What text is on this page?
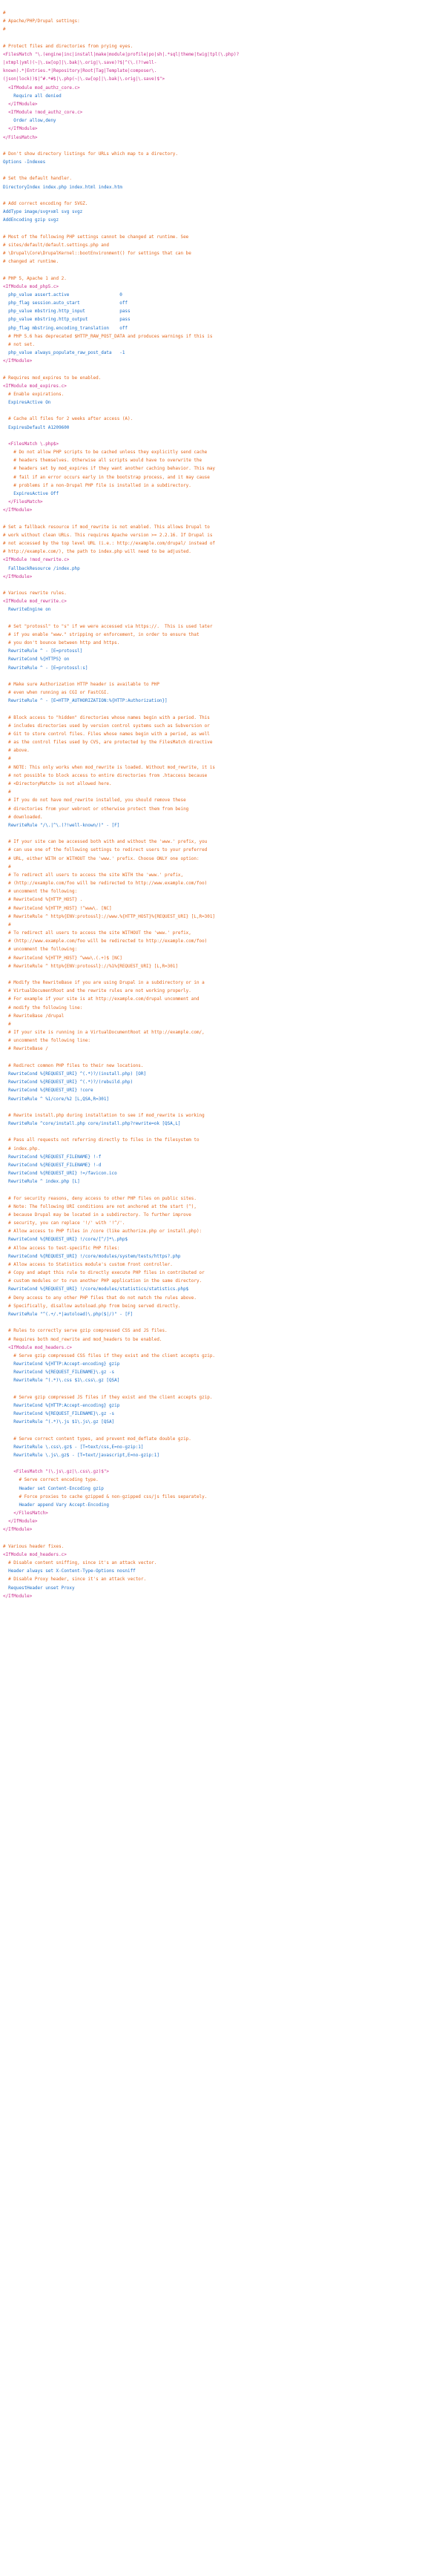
#
# Apache/PHP/Drupal settings:
#
# Protect files and directories from prying eyes.
<FilesMatch "\.(engine|inc|install|make|module|profile|po|sh|.*sql|theme|twig|tpl(\.php)?
|xtmpl|yml)(~|\.sw[op]|\.bak|\.orig|\.save)?$|^(\.(?!well-
known).*|Entries.*|Repository|Root|Tag|Template|composer\.
(json|lock))$|^#.*#$|\.php(~|\.sw[op]|\.bak|\.orig|\.save)$">
<IfModule mod_authz_core.c>
Require all denied
</IfModule>
<IfModule !mod_authz_core.c>
Order allow,deny
</IfModule>
</FilesMatch>
# Don't show directory listings for URLs which map to a directory.
Options -Indexes
# Set the default handler.
DirectoryIndex index.php index.html index.htm
# Add correct encoding for SVGZ.
AddType image/svg+xml svg svgz
AddEncoding gzip svgz
# Most of the following PHP settings cannot be changed at runtime. See
# sites/default/default.settings.php and
# \Drupal\Core\DrupalKernel::bootEnvironment() for settings that can be
# changed at runtime.
# PHP 5, Apache 1 and 2.
<IfModule mod_php5.c>
php_value assert.active                   0
php_flag session.auto_start               off
php_value mbstring.http_input             pass
php_value mbstring.http_output            pass
php_flag mbstring.encoding_translation    off
# PHP 5.6 has deprecated $HTTP_RAW_POST_DATA and produces warnings if this is
# not set.
php_value always_populate_raw_post_data   -1
</IfModule>
# Requires mod_expires to be enabled.
<IfModule mod_expires.c>
# Enable expirations.
ExpiresActive On
# Cache all files for 2 weeks after access (A).
ExpiresDefault A1209600
<FilesMatch \.php$>
# Do not allow PHP scripts to be cached unless they explicitly send cache
# headers themselves. Otherwise all scripts would have to overwrite the
# headers set by mod_expires if they want another caching behavior. This may
# fail if an error occurs early in the bootstrap process, and it may cause
# problems if a non-Drupal PHP file is installed in a subdirectory.
ExpiresActive Off
</FilesMatch>
</IfModule>
# Set a fallback resource if mod_rewrite is not enabled. This allows Drupal to
# work without clean URLs. This requires Apache version >= 2.2.16. If Drupal is
# not accessed by the top level URL (i.e.: http://example.com/drupal/ instead of
# http://example.com/), the path to index.php will need to be adjusted.
<IfModule !mod_rewrite.c>
FallbackResource /index.php
</IfModule>
# Various rewrite rules.
<IfModule mod_rewrite.c>
RewriteEngine on
# Set "protossl" to "s" if we were accessed via https://.  This is used later
# if you enable "www." stripping or enforcement, in order to ensure that
# you don't bounce between http and https.
RewriteRule ^ - [E=protossl]
RewriteCond %{HTTPS} on
RewriteRule ^ - [E=protossl:s]
# Make sure Authorization HTTP header is available to PHP
# even when running as CGI or FastCGI.
RewriteRule ^ - [E=HTTP_AUTHORIZATION:%{HTTP:Authorization}]
# Block access to "hidden" directories whose names begin with a period. This
# includes directories used by version control systems such as Subversion or
# Git to store control files. Files whose names begin with a period, as well
# as the control files used by CVS, are protected by the FilesMatch directive
# above.
#
# NOTE: This only works when mod_rewrite is loaded. Without mod_rewrite, it is
# not possible to block access to entire directories from .htaccess because
# <DirectoryMatch> is not allowed here.
#
# If you do not have mod_rewrite installed, you should remove these
# directories from your webroot or otherwise protect them from being
# downloaded.
RewriteRule "/\.|^\.(?!well-known/)" - [F]
# If your site can be accessed both with and without the 'www.' prefix, you
# can use one of the following settings to redirect users to your preferred
# URL, either WITH or WITHOUT the 'www.' prefix. Choose ONLY one option:
#
# To redirect all users to access the site WITH the 'www.' prefix,
# (http://example.com/foo will be redirected to http://www.example.com/foo)
# uncomment the following:
# RewriteCond %{HTTP_HOST} .
# RewriteCond %{HTTP_HOST} !^www\. [NC]
# RewriteRule ^ http%{ENV:protossl}://www.%{HTTP_HOST}%{REQUEST_URI} [L,R=301]
#
# To redirect all users to access the site WITHOUT the 'www.' prefix,
# (http://www.example.com/foo will be redirected to http://example.com/foo)
# uncomment the following:
# RewriteCond %{HTTP_HOST} ^www\.(.+)$ [NC]
# RewriteRule ^ http%{ENV:protossl}://%1%{REQUEST_URI} [L,R=301]
# Modify the RewriteBase if you are using Drupal in a subdirectory or in a
# VirtualDocumentRoot and the rewrite rules are not working properly.
# For example if your site is at http://example.com/drupal uncomment and
# modify the following line:
# RewriteBase /drupal
#
# If your site is running in a VirtualDocumentRoot at http://example.com/,
# uncomment the following line:
# RewriteBase /
# Redirect common PHP files to their new locations.
RewriteCond %{REQUEST_URI} ^(.*)?/(install.php) [OR]
RewriteCond %{REQUEST_URI} ^(.*)?/(rebuild.php)
RewriteCond %{REQUEST_URI} !core
RewriteRule ^ %1/core/%2 [L,QSA,R=301]
# Rewrite install.php during installation to see if mod_rewrite is working
RewriteRule ^core/install.php core/install.php?rewrite=ok [QSA,L]
# Pass all requests not referring directly to files in the filesystem to
# index.php.
RewriteCond %{REQUEST_FILENAME} !-f
RewriteCond %{REQUEST_FILENAME} !-d
RewriteCond %{REQUEST_URI} !=/favicon.ico
RewriteRule ^ index.php [L]
# For security reasons, deny access to other PHP files on public sites.
# Note: The following URI conditions are not anchored at the start (^),
# because Drupal may be located in a subdirectory. To further improve
# security, you can replace '!/' with '!^/'.
# Allow access to PHP files in /core (like authorize.php or install.php):
RewriteCond %{REQUEST_URI} !/core/[^/]*\.php$
# Allow access to test-specific PHP files:
RewriteCond %{REQUEST_URI} !/core/modules/system/tests/https?.php
# Allow access to Statistics module's custom front controller.
# Copy and adapt this rule to directly execute PHP files in contributed or
# custom modules or to run another PHP application in the same directory.
RewriteCond %{REQUEST_URI} !/core/modules/statistics/statistics.php$
# Deny access to any other PHP files that do not match the rules above.
# Specifically, disallow autoload.php from being served directly.
RewriteRule "^(.+/.*|autoload)\.php($|/)" - [F]
# Rules to correctly serve gzip compressed CSS and JS files.
# Requires both mod_rewrite and mod_headers to be enabled.
<IfModule mod_headers.c>
# Serve gzip compressed CSS files if they exist and the client accepts gzip.
RewriteCond %{HTTP:Accept-encoding} gzip
RewriteCond %{REQUEST_FILENAME}\.gz -s
RewriteRule ^(.*)\.css $1\.css\.gz [QSA]
# Serve gzip compressed JS files if they exist and the client accepts gzip.
RewriteCond %{HTTP:Accept-encoding} gzip
RewriteCond %{REQUEST_FILENAME}\.gz -s
RewriteRule ^(.*)\.js $1\.js\.gz [QSA]
# Serve correct content types, and prevent mod_deflate double gzip.
RewriteRule \.css\.gz$ - [T=text/css,E=no-gzip:1]
RewriteRule \.js\.gz$ - [T=text/javascript,E=no-gzip:1]
<FilesMatch "(\.js\.gz|\.css\.gz)$">
# Serve correct encoding type.
Header set Content-Encoding gzip
# Force proxies to cache gzipped & non-gzipped css/js files separately.
Header append Vary Accept-Encoding
</FilesMatch>
</IfModule>
</IfModule>
# Various header fixes.
<IfModule mod_headers.c>
# Disable content sniffing, since it's an attack vector.
Header always set X-Content-Type-Options nosniff
# Disable Proxy header, since it's an attack vector.
RequestHeader unset Proxy
</IfModule>
